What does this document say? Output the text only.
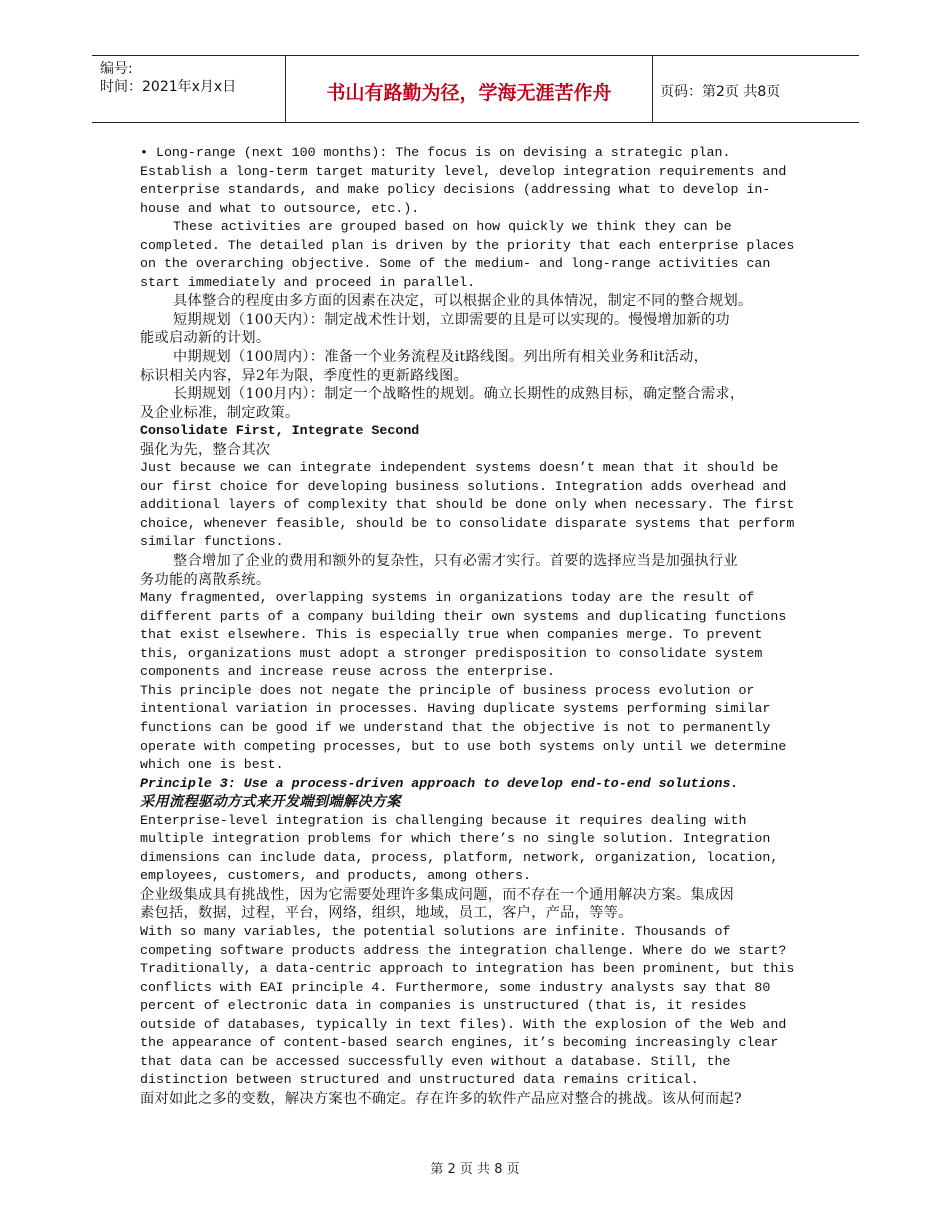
编号:
时间：2021年x月x日	书山有路勤为径，学海无涯苦作舟	页码：第2页 共8页
• Long-range (next 100 months): The focus is on devising a strategic plan.
Establish a long-term target maturity level, develop integration requirements and
enterprise standards, and make policy decisions (addressing what to develop in-
house and what to outsource, etc.).
These activities are grouped based on how quickly we think they can be
completed. The detailed plan is driven by the priority that each enterprise places
on the overarching objective. Some of the medium- and long-range activities can
start immediately and proceed in parallel.
具体整合的程度由多方面的因素在决定，可以根据企业的具体情况，制定不同的整合规划。
短期规划（100天内）：制定战术性计划，立即需要的且是可以实现的。慢慢增加新的功
能或启动新的计划。
中期规划（100周内）：准备一个业务流程及it路线图。列出所有相关业务和it活动，
标识相关内容，异2年为限，季度性的更新路线图。
长期规划（100月内）：制定一个战略性的规划。确立长期性的成熟目标，确定整合需求，
及企业标准，制定政策。
Consolidate First, Integrate Second
强化为先，整合其次
Just because we can integrate independent systems doesn’t mean that it should be
our first choice for developing business solutions. Integration adds overhead and
additional layers of complexity that should be done only when necessary. The first
choice, whenever feasible, should be to consolidate disparate systems that perform
similar functions.
整合增加了企业的费用和额外的复杂性，只有必需才实行。首要的选择应当是加强执行业
务功能的离散系统。
Many fragmented, overlapping systems in organizations today are the result of
different parts of a company building their own systems and duplicating functions
that exist elsewhere. This is especially true when companies merge. To prevent
this, organizations must adopt a stronger predisposition to consolidate system
components and increase reuse across the enterprise.
This principle does not negate the principle of business process evolution or
intentional variation in processes. Having duplicate systems performing similar
functions can be good if we understand that the objective is not to permanently
operate with competing processes, but to use both systems only until we determine
which one is best.
Principle 3: Use a process-driven approach to develop end-to-end solutions.
采用流程驱动方式来开发端到端解决方案
Enterprise-level integration is challenging because it requires dealing with
multiple integration problems for which there’s no single solution. Integration
dimensions can include data, process, platform, network, organization, location,
employees, customers, and products, among others.
企业级集成具有挑战性，因为它需要处理许多集成问题，而不存在一个通用解决方案。集成因
素包括，数据，过程，平台，网络，组织，地域，员工，客户，产品，等等。
With so many variables, the potential solutions are infinite. Thousands of
competing software products address the integration challenge. Where do we start?
Traditionally, a data-centric approach to integration has been prominent, but this
conflicts with EAI principle 4. Furthermore, some industry analysts say that 80
percent of electronic data in companies is unstructured (that is, it resides
outside of databases, typically in text files). With the explosion of the Web and
the appearance of content-based search engines, it’s becoming increasingly clear
that data can be accessed successfully even without a database. Still, the
distinction between structured and unstructured data remains critical.
面对如此之多的变数，解决方案也不确定。存在许多的软件产品应对整合的挑战。该从何而起?
第 2 页 共 8 页
